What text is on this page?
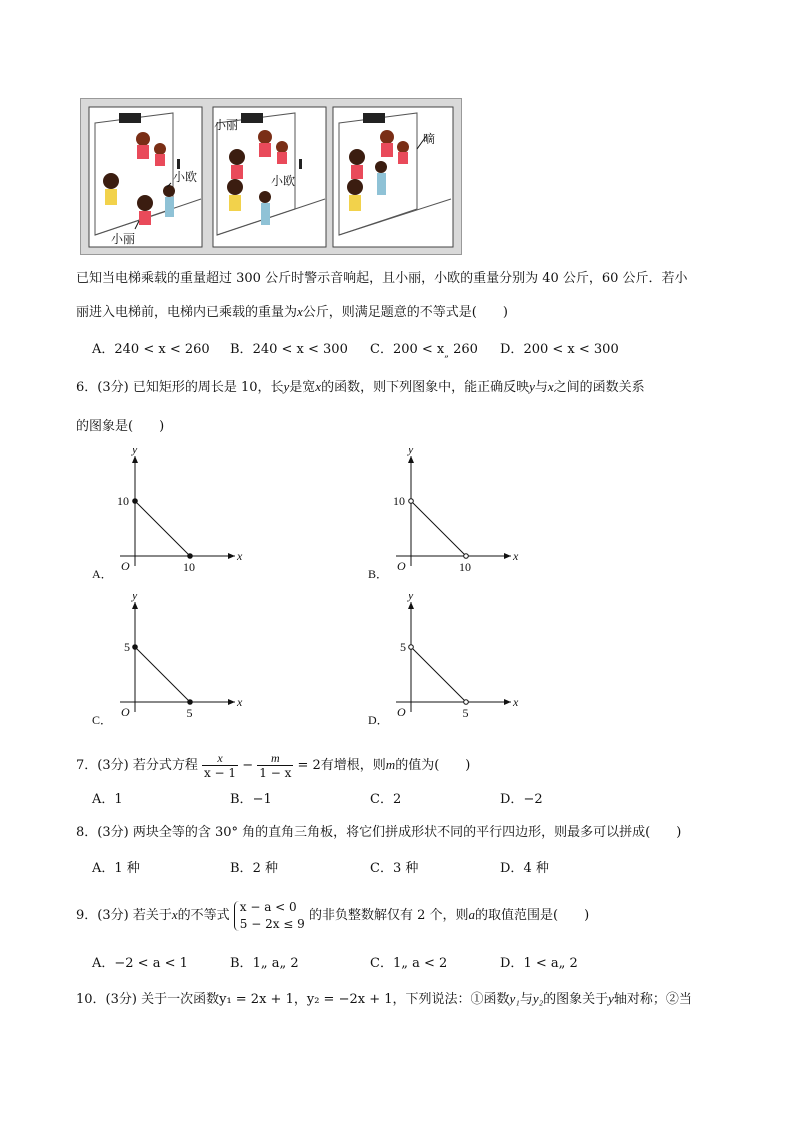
小欧
小丽
小丽
小欧
嘀
已知当电梯乘载的重量超过 300 公斤时警示音响起，且小丽，小欧的重量分别为 40 公斤，60 公斤．若小
丽进入电梯前，电梯内已乘载的重量为x公斤，则满足题意的不等式是(　　)
A．240 < x < 260 B．240 < x < 300 C．$200 < x_„$ 260 D．200 < x < 300
6．(3分) 已知矩形的周长是 10，长y是宽x的函数，则下列图象中，能正确反映y与x之间的函数关系
的图象是(　　)
10
10
O
x
y
A．
10
10
O
x
y
B．
5
5
O
x
y
C．
5
5
O
x
y
D．
7．(3分) 若分式方程 $\frac{x}{x - 1} - \frac{m}{1 - x} = 2$有增根，则m的值为(　　)
A．1	B．−1	C．2	D．−2
8．(3分) 两块全等的含 30° 角的直角三角板，将它们拼成形状不同的平行四边形，则最多可以拼成(　　)
A．1 种	B．2 种	C．3 种	D．4 种
9．(3分) 若关于x的不等式
x − a < 0
5 − 2x ≤ 9
的非负整数解仅有 2 个，则a的取值范围是(　　)
A．−2 < a < 1	B．1„ a„ 2	C．1„ a < 2	D．1 < a„ 2
10．(3分) 关于一次函数y₁ = 2x + 1，y₂ = −2x + 1，下列说法：①函数y₁与y₂的图象关于y轴对称；②当
